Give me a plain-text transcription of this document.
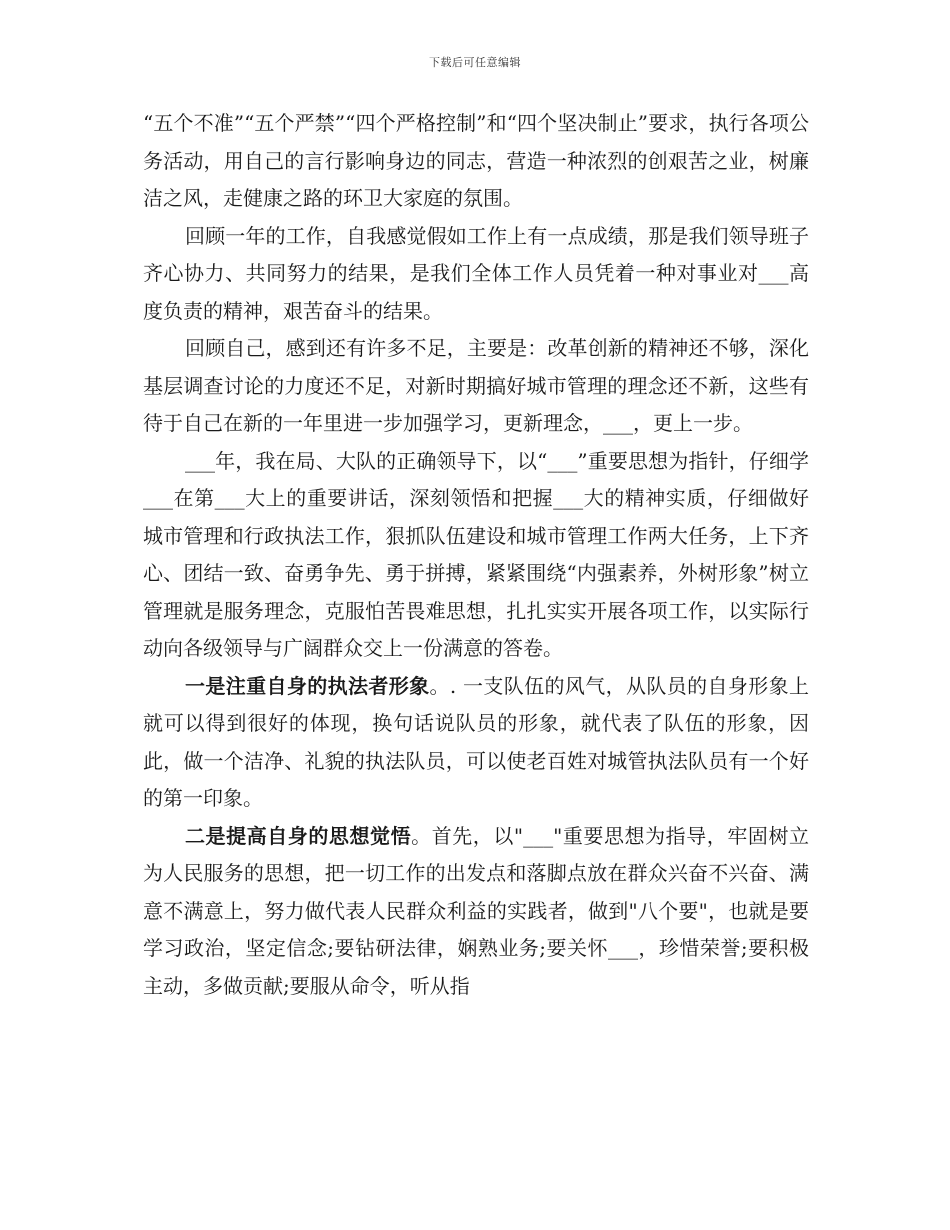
下载后可任意编辑

“五个不准”“五个严禁”“四个严格控制”和“四个坚决制止”要求，执行各项公务活动，用自己的言行影响身边的同志，营造一种浓烈的创艰苦之业，树廉洁之风，走健康之路的环卫大家庭的氛围。

回顾一年的工作，自我感觉假如工作上有一点成绩，那是我们领导班子齐心协力、共同努力的结果，是我们全体工作人员凭着一种对事业对___高度负责的精神，艰苦奋斗的结果。

回顾自己，感到还有许多不足，主要是：改革创新的精神还不够，深化基层调查讨论的力度还不足，对新时期搞好城市管理的理念还不新，这些有待于自己在新的一年里进一步加强学习，更新理念，___，更上一步。

___年，我在局、大队的正确领导下，以“___”重要思想为指针，仔细学___在第___大上的重要讲话，深刻领悟和把握___大的精神实质，仔细做好城市管理和行政执法工作，狠抓队伍建设和城市管理工作两大任务，上下齐心、团结一致、奋勇争先、勇于拼搏，紧紧围绕“内强素养，外树形象”树立管理就是服务理念，克服怕苦畏难思想，扎扎实实开展各项工作，以实际行动向各级领导与广阔群众交上一份满意的答卷。

一是注重自身的执法者形象。. 一支队伍的风气，从队员的自身形象上就可以得到很好的体现，换句话说队员的形象，就代表了队伍的形象，因此，做一个洁净、礼貌的执法队员，可以使老百姓对城管执法队员有一个好的第一印象。

二是提高自身的思想觉悟。首先，以"___"重要思想为指导，牢固树立为人民服务的思想，把一切工作的出发点和落脚点放在群众兴奋不兴奋、满意不满意上，努力做代表人民群众利益的实践者，做到"八个要"，也就是要学习政治，坚定信念;要钻研法律，娴熟业务;要关怀___，珍惜荣誉;要积极主动，多做贡献;要服从命令，听从指
